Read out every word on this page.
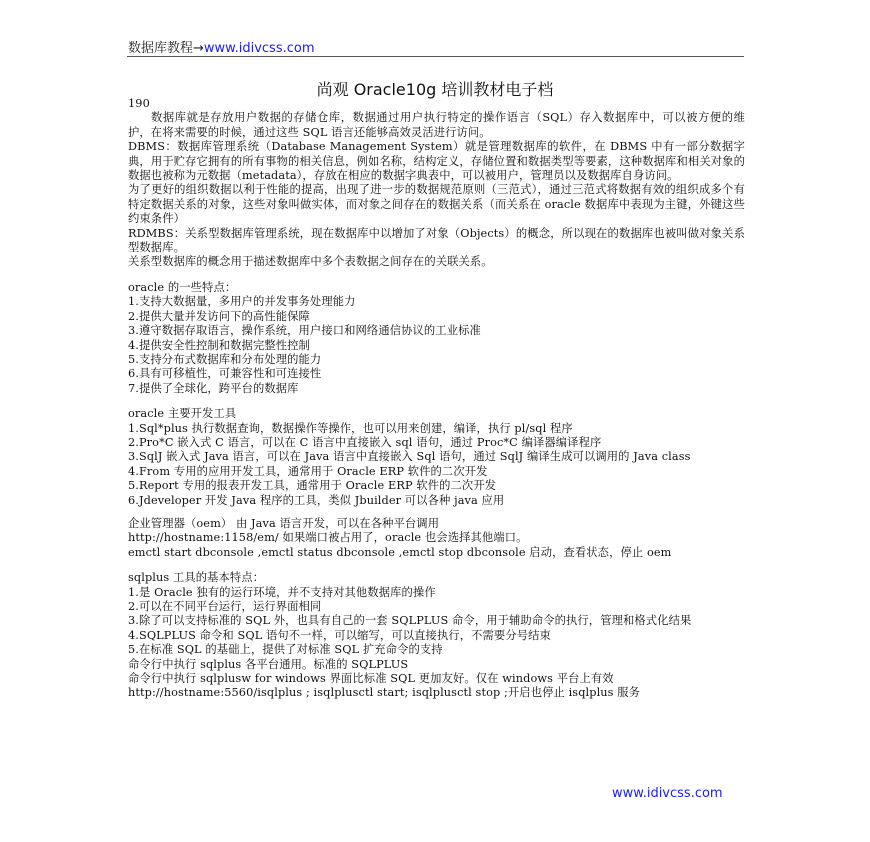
数据库教程→www.idivcss.com
尚观 Oracle10g 培训教材电子档

190

数据库就是存放用户数据的存储仓库，数据通过用户执行特定的操作语言（SQL）存入数据库中，可以被方便的维护，在将来需要的时候，通过这些 SQL 语言还能够高效灵活进行访问。

DBMS：数据库管理系统（Database Management System）就是管理数据库的软件，在 DBMS 中有一部分数据字典，用于贮存它拥有的所有事物的相关信息，例如名称，结构定义，存储位置和数据类型等要素，这种数据库和相关对象的数据也被称为元数据（metadata），存放在相应的数据字典表中，可以被用户，管理员以及数据库自身访问。

为了更好的组织数据以利于性能的提高，出现了进一步的数据规范原则（三范式），通过三范式将数据有效的组织成多个有特定数据关系的对象，这些对象叫做实体，而对象之间存在的数据关系（而关系在 oracle 数据库中表现为主键，外键这些约束条件）

RDMBS：关系型数据库管理系统，现在数据库中以增加了对象（Objects）的概念，所以现在的数据库也被叫做对象关系型数据库。

关系型数据库的概念用于描述数据库中多个表数据之间存在的关联关系。

oracle 的一些特点：

1.支持大数据量，多用户的并发事务处理能力

2.提供大量并发访问下的高性能保障

3.遵守数据存取语言，操作系统，用户接口和网络通信协议的工业标准

4.提供安全性控制和数据完整性控制

5.支持分布式数据库和分布处理的能力

6.具有可移植性，可兼容性和可连接性

7.提供了全球化，跨平台的数据库

oracle 主要开发工具

1.Sql*plus 执行数据查询，数据操作等操作，也可以用来创建，编译，执行 pl/sql 程序

2.Pro*C 嵌入式 C 语言，可以在 C 语言中直接嵌入 sql 语句，通过 Proc*C 编译器编译程序

3.SqlJ 嵌入式 Java 语言，可以在 Java 语言中直接嵌入 Sql 语句，通过 SqlJ 编译生成可以调用的 Java class

4.From 专用的应用开发工具，通常用于 Oracle ERP 软件的二次开发

5.Report 专用的报表开发工具，通常用于 Oracle ERP 软件的二次开发

6.Jdeveloper 开发 Java 程序的工具，类似 Jbuilder 可以各种 java 应用

企业管理器（oem） 由 Java 语言开发，可以在各种平台调用

http://hostname:1158/em/ 如果端口被占用了，oracle 也会选择其他端口。

emctl start dbconsole ,emctl status dbconsole ,emctl stop dbconsole 启动，查看状态，停止 oem

sqlplus 工具的基本特点：

1.是 Oracle 独有的运行环境，并不支持对其他数据库的操作

2.可以在不同平台运行，运行界面相同

3.除了可以支持标准的 SQL 外，也具有自己的一套 SQLPLUS 命令，用于辅助命令的执行，管理和格式化结果

4.SQLPLUS 命令和 SQL 语句不一样，可以缩写，可以直接执行，不需要分号结束

5.在标准 SQL 的基础上，提供了对标准 SQL 扩充命令的支持

命令行中执行 sqlplus 各平台通用。标准的 SQLPLUS

命令行中执行 sqlplusw for windows 界面比标准 SQL 更加友好。仅在 windows 平台上有效

http://hostname:5560/isqlplus ; isqlplusctl start; isqlplusctl stop ;开启也停止 isqlplus 服务

www.idivcss.com
